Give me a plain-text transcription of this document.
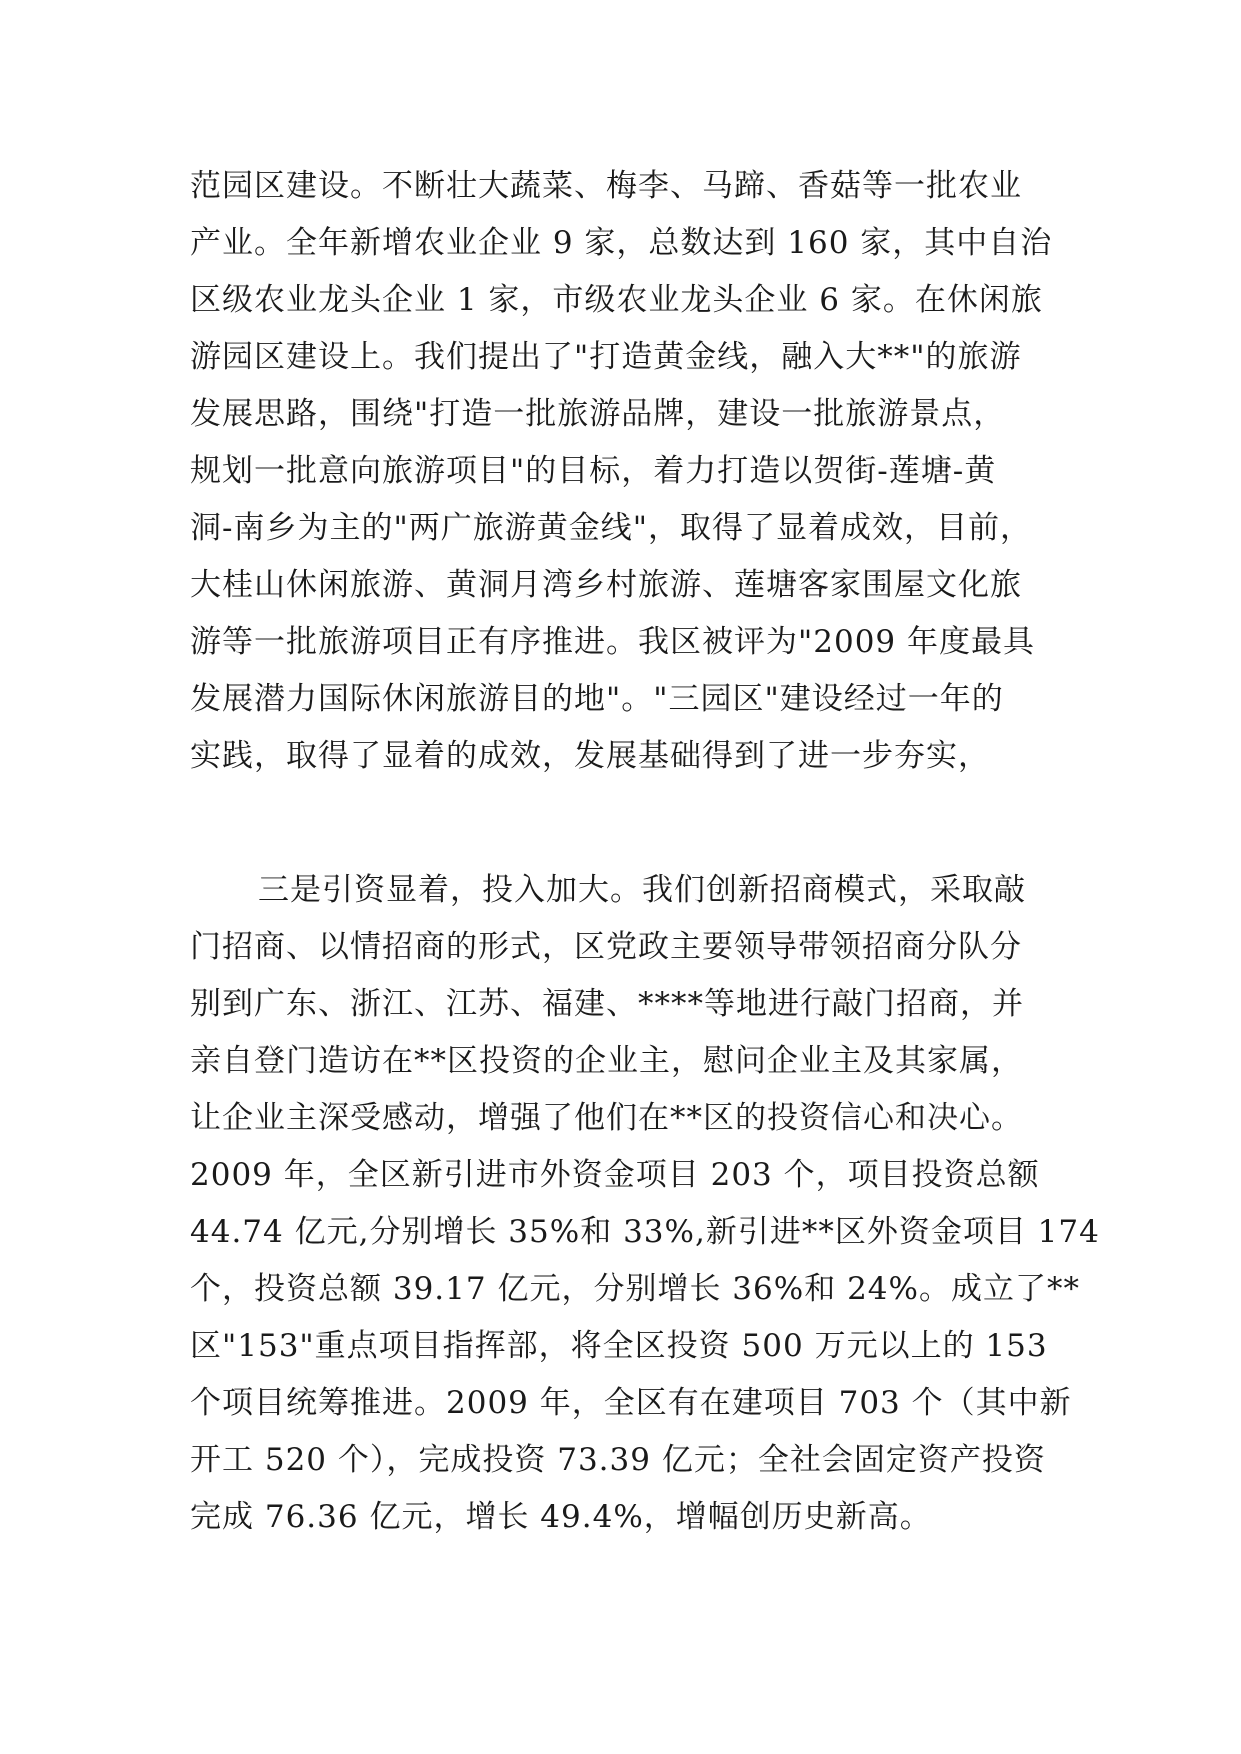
范园区建设。不断壮大蔬菜、梅李、马蹄、香菇等一批农业
产业。全年新增农业企业 9 家，总数达到 160 家，其中自治
区级农业龙头企业 1 家，市级农业龙头企业 6 家。在休闲旅
游园区建设上。我们提出了"打造黄金线，融入大**"的旅游
发展思路，围绕"打造一批旅游品牌，建设一批旅游景点，
规划一批意向旅游项目"的目标，着力打造以贺街-莲塘-黄
洞-南乡为主的"两广旅游黄金线"，取得了显着成效，目前，
大桂山休闲旅游、黄洞月湾乡村旅游、莲塘客家围屋文化旅
游等一批旅游项目正有序推进。我区被评为"2009 年度最具
发展潜力国际休闲旅游目的地"。"三园区"建设经过一年的
实践，取得了显着的成效，发展基础得到了进一步夯实，
三是引资显着，投入加大。我们创新招商模式，采取敲
门招商、以情招商的形式，区党政主要领导带领招商分队分
别到广东、浙江、江苏、福建、****等地进行敲门招商，并
亲自登门造访在**区投资的企业主，慰问企业主及其家属，
让企业主深受感动，增强了他们在**区的投资信心和决心。
2009 年，全区新引进市外资金项目 203 个，项目投资总额
44.74 亿元,分别增长 35%和 33%,新引进**区外资金项目 174
个，投资总额 39.17 亿元，分别增长 36%和 24%。成立了**
区"153"重点项目指挥部，将全区投资 500 万元以上的 153
个项目统筹推进。2009 年，全区有在建项目 703 个（其中新
开工 520 个），完成投资 73.39 亿元；全社会固定资产投资
完成 76.36 亿元，增长 49.4%，增幅创历史新高。
